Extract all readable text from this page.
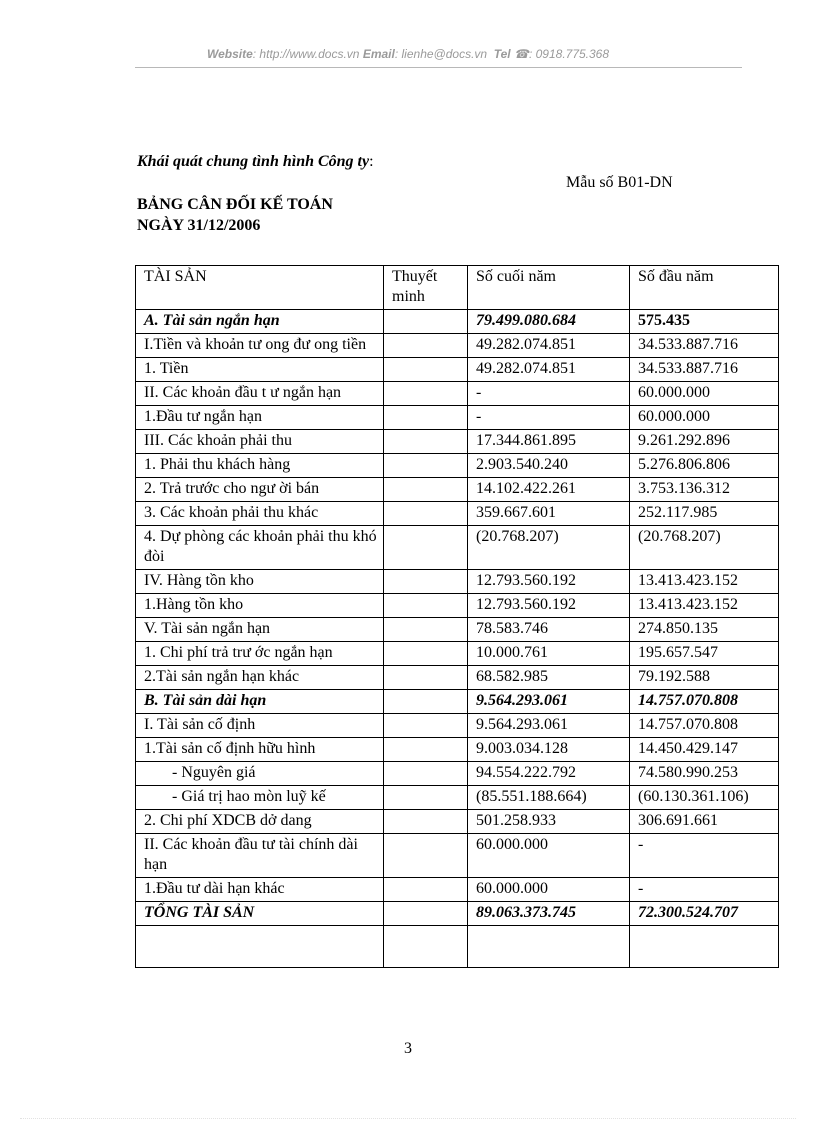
Website: http://www.docs.vn Email: lienhe@docs.vn Tel ☎: 0918.775.368
Khái quát chung tình hình Công ty:
Mẫu số B01-DN
BẢNG CÂN ĐỐI KẾ TOÁN
NGÀY 31/12/2006
TÀI SẢN	Thuyết minh	Số cuối năm	Số đầu năm
A. Tài sản ngắn hạn		79.499.080.684	575.435
I.Tiền và khoản tư ong đư ong tiền		49.282.074.851	34.533.887.716
1. Tiền		49.282.074.851	34.533.887.716
II. Các khoản đầu t ư ngắn hạn		-	60.000.000
1.Đầu tư ngắn hạn		-	60.000.000
III. Các khoản phải thu		17.344.861.895	9.261.292.896
1. Phải thu khách hàng		2.903.540.240	5.276.806.806
2. Trả trước cho ngư ời bán		14.102.422.261	3.753.136.312
3. Các khoản phải thu khác		359.667.601	252.117.985
4. Dự phòng các khoản phải thu khó đòi		(20.768.207)	(20.768.207)
IV. Hàng tồn kho		12.793.560.192	13.413.423.152
1.Hàng tồn kho		12.793.560.192	13.413.423.152
V. Tài sản ngắn hạn		78.583.746	274.850.135
1. Chi phí trả trư ớc ngắn hạn		10.000.761	195.657.547
2.Tài sản ngắn hạn khác		68.582.985	79.192.588
B. Tài sản dài hạn		9.564.293.061	14.757.070.808
I. Tài sản cố định		9.564.293.061	14.757.070.808
1.Tài sản cố định hữu hình		9.003.034.128	14.450.429.147
- Nguyên giá		94.554.222.792	74.580.990.253
- Giá trị hao mòn luỹ kế		(85.551.188.664)	(60.130.361.106)
2. Chi phí XDCB dở dang		501.258.933	306.691.661
II. Các khoản đầu tư tài chính dài hạn		60.000.000	-
1.Đầu tư dài hạn khác		60.000.000	-
TỔNG TÀI SẢN		89.063.373.745	72.300.524.707

3
